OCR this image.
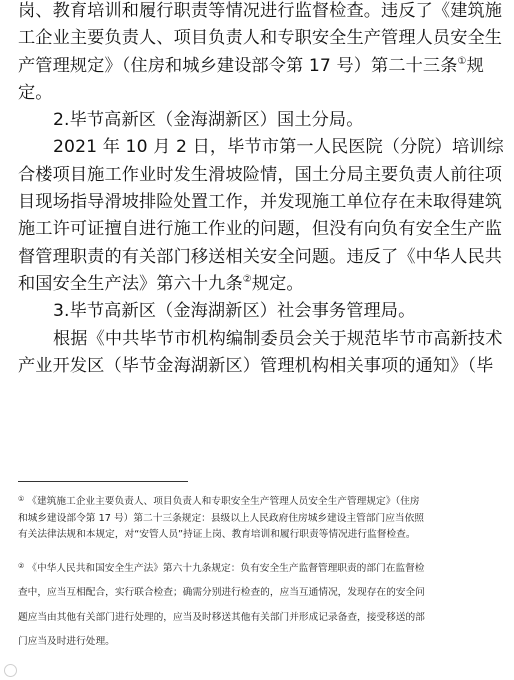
岗、教育培训和履行职责等情况进行监督检查。违反了《建筑施
工企业主要负责人、项目负责人和专职安全生产管理人员安全生
产管理规定》（住房和城乡建设部令第 17 号）第二十三条①规
定。
2.毕节高新区（金海湖新区）国土分局。
2021 年 10 月 2 日，毕节市第一人民医院（分院）培训综
合楼项目施工作业时发生滑坡险情，国土分局主要负责人前往项
目现场指导滑坡排险处置工作，并发现施工单位存在未取得建筑
施工许可证擅自进行施工作业的问题，但没有向负有安全生产监
督管理职责的有关部门移送相关安全问题。违反了《中华人民共
和国安全生产法》第六十九条②规定。
3.毕节高新区（金海湖新区）社会事务管理局。
根据《中共毕节市机构编制委员会关于规范毕节市高新技术
产业开发区（毕节金海湖新区）管理机构相关事项的通知》（毕
① 《建筑施工企业主要负责人、项目负责人和专职安全生产管理人员安全生产管理规定》（住房
和城乡建设部令第 17 号）第二十三条规定：县级以上人民政府住房城乡建设主管部门应当依照
有关法律法规和本规定，对“安管人员”持证上岗、教育培训和履行职责等情况进行监督检查。
② 《中华人民共和国安全生产法》第六十九条规定：负有安全生产监督管理职责的部门在监督检
查中，应当互相配合，实行联合检查；确需分别进行检查的，应当互通情况，发现存在的安全问
题应当由其他有关部门进行处理的，应当及时移送其他有关部门并形成记录备查，接受移送的部
门应当及时进行处理。
